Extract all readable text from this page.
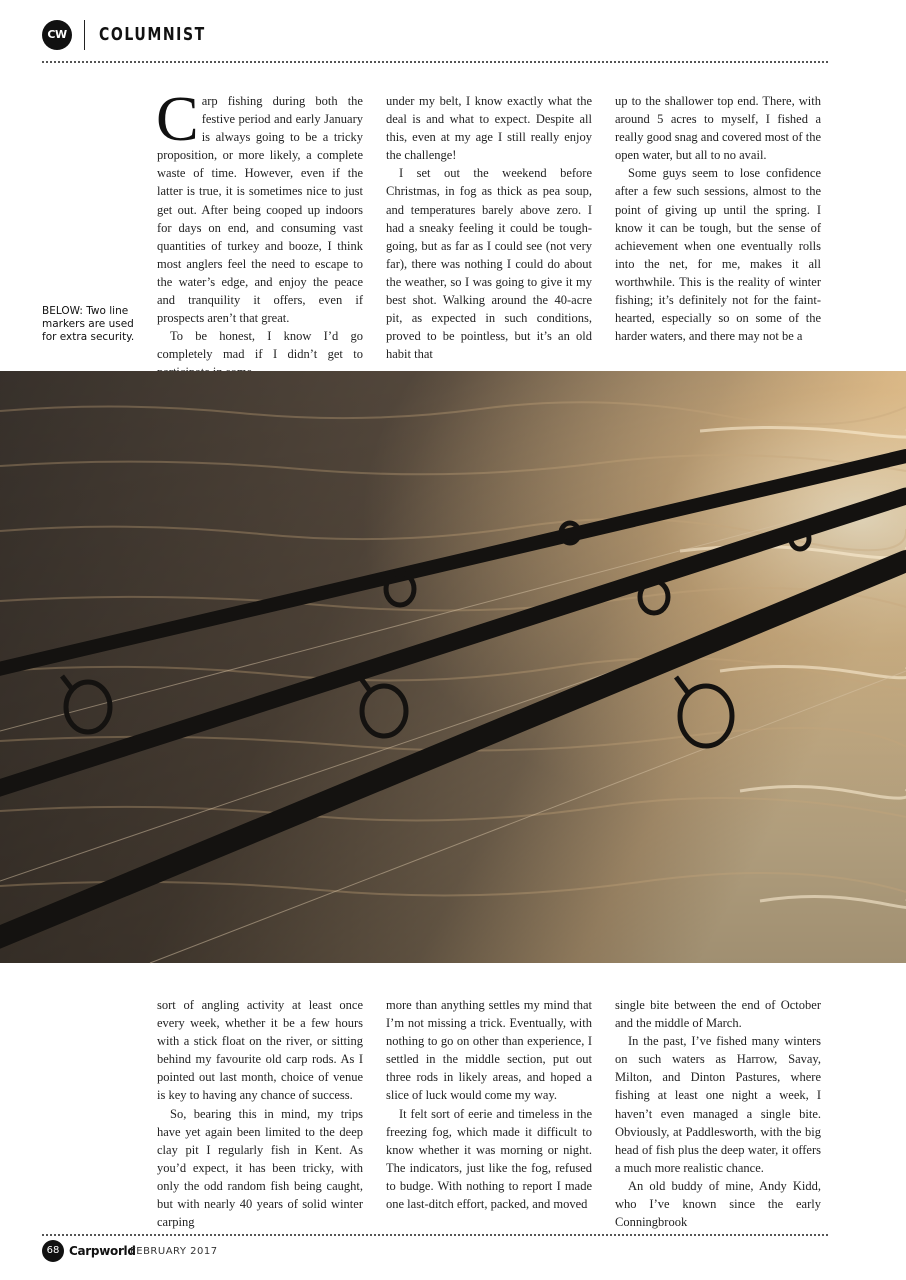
CW COLUMNIST
BELOW: Two line markers are used for extra security.

Carp fishing during both the festive period and early January is always going to be a tricky proposition, or more likely, a complete waste of time. However, even if the latter is true, it is sometimes nice to just get out. After being cooped up indoors for days on end, and consuming vast quantities of turkey and booze, I think most anglers feel the need to escape to the water’s edge, and enjoy the peace and tranquility it offers, even if prospects aren’t that great.

To be honest, I know I’d go completely mad if I didn’t get to

under my belt, I know exactly what the deal is and what to expect. Despite all this, even at my age I still really enjoy the challenge!

I set out the weekend before Christmas, in fog as thick as pea soup, and temperatures barely above zero. I had a sneaky feeling it could be tough-going, but as far as I could see (not very far), there was nothing I could do about the weather, so I was going to give it my best shot. Walking around the 40-acre pit, as expected in such conditions, proved to be pointless, but it’s an old habit that

up to the shallower top end. There, with around 5 acres to myself, I fished a really good snag and covered most of the open water, but all to no avail.

Some guys seem to lose confidence after a few such sessions, almost to the point of giving up until the spring. I know it can be tough, but the sense of achievement when one eventually rolls into the net, for me, makes it all worthwhile. This is the reality of winter fishing; it’s definitely not for the faint-hearted, especially so on some of the harder waters, and there may not be a

sort of angling activity at least once every week, whether it be a few hours with a stick float on the river, or sitting behind my favourite old carp rods. As I pointed out last month, choice of venue is key to having any chance of success.

So, bearing this in mind, my trips have yet again been limited to the deep clay pit I regularly fish in Kent. As you’d expect, it has been tricky, with only the odd random fish being caught, but with nearly 40 years of solid winter carping

more than anything settles my mind that I’m not missing a trick. Eventually, with nothing to go on other than experience, I settled in the middle section, put out three rods in likely areas, and hoped a slice of luck would come my way.

It felt sort of eerie and timeless in the freezing fog, which made it difficult to know whether it was morning or night. The indicators, just like the fog, refused to budge. With nothing to report I made one last-ditch effort, packed, and moved

single bite between the end of October and the middle of March.

In the past, I’ve fished many winters on such waters as Harrow, Savay, Milton, and Dinton Pastures, where fishing at least one night a week, I haven’t even managed a single bite. Obviously, at Paddlesworth, with the big head of fish plus the deep water, it offers a much more realistic chance.

An old buddy of mine, Andy Kidd, who I’ve known since the early Conningbrook

68 Carpworld
FEBRUARY 2017
